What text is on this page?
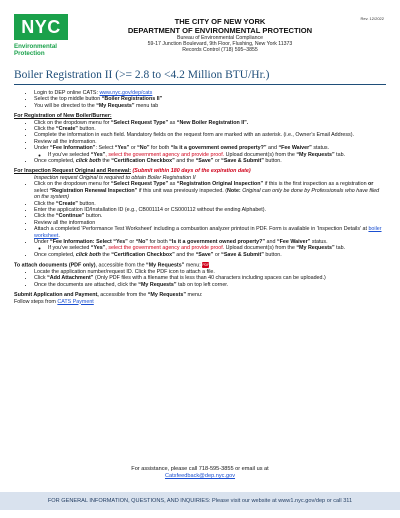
NYC
Environmental
Protection
Rev. 12/2022
THE CITY OF NEW YORK
DEPARTMENT OF ENVIRONMENTAL PROTECTION
Bureau of Environmental Compliance
59-17 Junction Boulevard, 9th Floor, Flushing, New York 11373
Records Control (718) 595–3855
Boiler Registration II (>= 2.8 to <4.2 Million BTU/Hr.)
• Login to DEP online CATS: www.nyc.gov/dep/cats
• Select the top middle button “Boiler Registrations II”
• You will be directed to the “My Requests” menu tab

For Registration of New Boiler/Burner:

• Click on the dropdown menu for “Select Request Type” as “New Boiler Registration II”.
• Click the “Create” button.
• Complete the information in each field. Mandatory fields on the request form are marked with an asterisk. (i.e., Owner’s Email Address).
• Review all the information.
• Under “Fee Information”: Select “Yes” or “No” for both “Is it a government owned property?” and “Fee Waiver” status.
◦ If you’ve selected “Yes”, select the government agency and provide proof. Upload document(s) from the “My Requests” tab.
• Once completed, click both the “Certification Checkbox” and the “Save” or “Save & Submit” button.

For Inspection Request Original and Renewal: (Submit within 180 days of the expiration date)

Inspection request Original is required to obtain Boiler Registration II

• Click on the dropdown menu for “Select Request Type” as “Registration Original Inspection” if this is the first inspection as a registration or select “Registration Renewal Inspection” if this unit was previously inspected. (Note: Original can only be done by Professionals who have filed on the system)
• Click the “Create” button.
• Enter the application ID/Installation ID (e.g., CB001114 or CS000112 without the ending Alphabet).
• Click the “Continue” button.
• Review all the information
• Attach a completed ‘Performance Test Worksheet’ including a combustion analyzer printout in PDF. Form is available in ‘Inspection Details’ at boiler worksheet.
• Under “Fee Information: Select “Yes” or “No” for both “Is it a government owned property?” and “Fee Waiver” status.
◦ If you’ve selected “Yes”, select the government agency and provide proof. Upload document(s) from the “My Requests” tab.
• Once completed, click both the “Certification Checkbox” and the “Save” or “Save & Submit” button.

To attach documents (PDF only), accessible from the “My Requests” menu: PDF

• Locate the application number/request ID. Click the PDF icon to attach a file.
• Click “Add Attachment” (Only PDF files with a filename that is less than 40 characters including spaces can be uploaded.)
• Once the documents are attached, click the “My Requests” tab on top left corner.

Submit Application and Payment, accessible from the “My Requests” menu:

Follow steps from CATS Payment

For assistance, please call 718-595-3855 or email us at
Catsfeedback@dep.nyc.gov
FOR GENERAL INFORMATION, QUESTIONS, AND INQUIRIES: Please visit our website at www1.nyc.gov/dep or call 311
